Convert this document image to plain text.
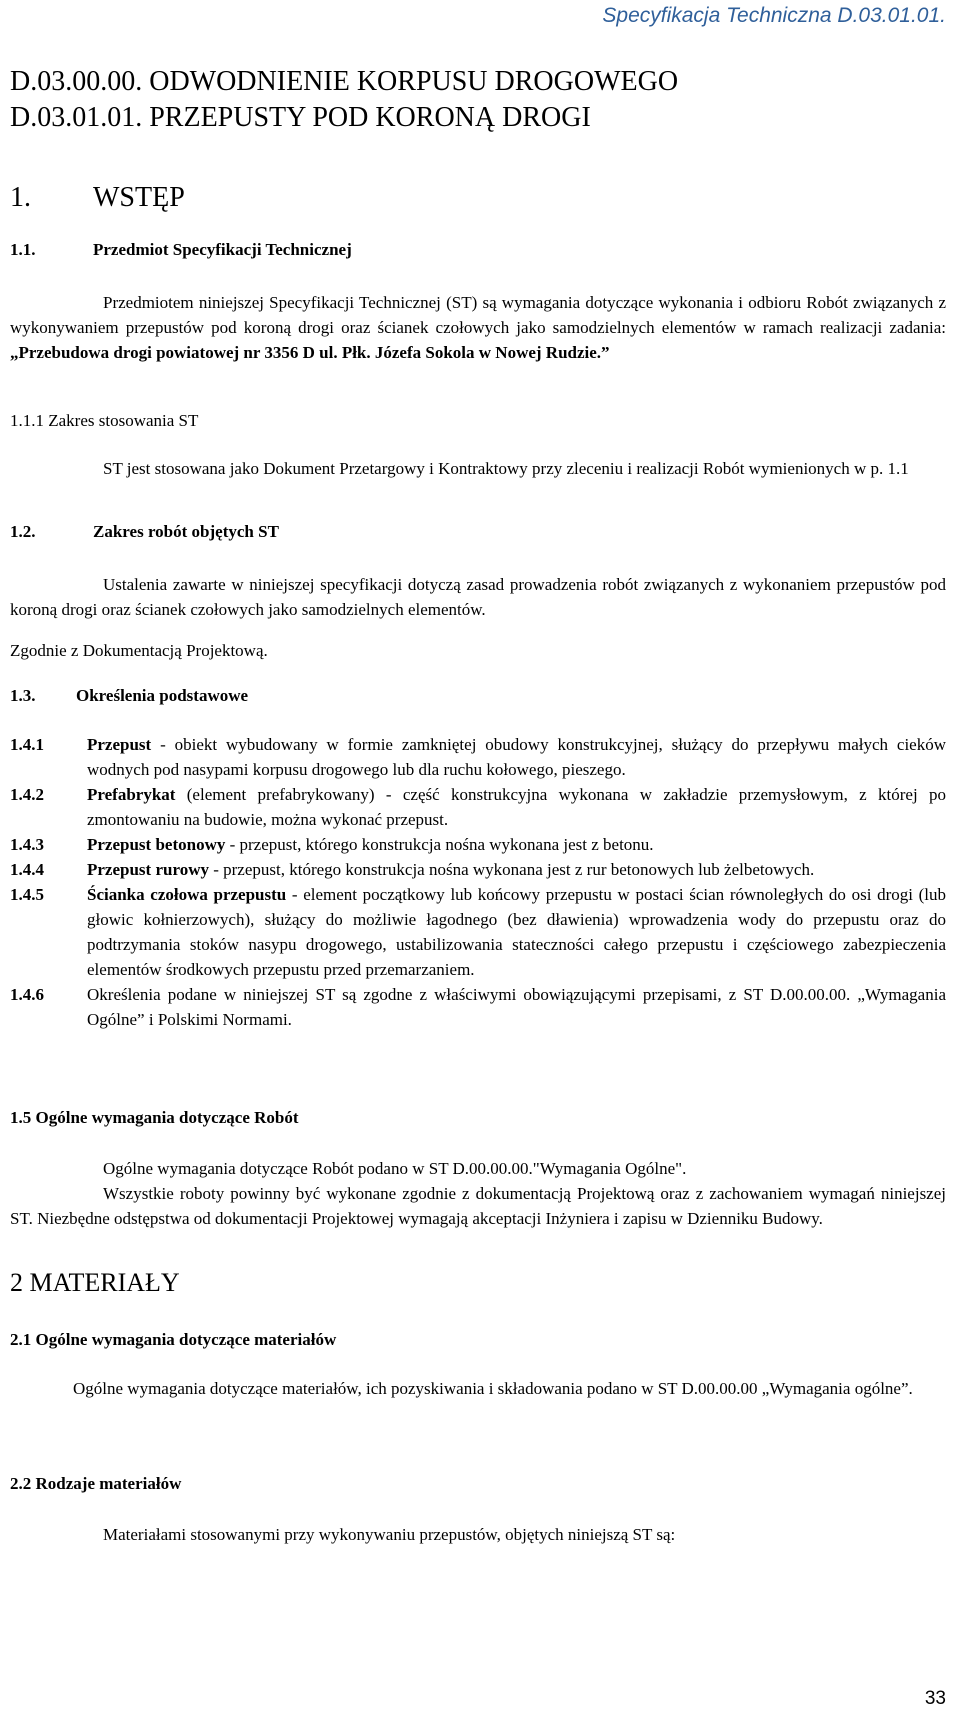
Specyfikacja Techniczna D.03.01.01.
D.03.00.00. ODWODNIENIE KORPUSU DROGOWEGO
D.03.01.01. PRZEPUSTY POD KORONĄ DROGI
1. WSTĘP
1.1.	Przedmiot Specyfikacji Technicznej
Przedmiotem niniejszej Specyfikacji Technicznej (ST) są wymagania dotyczące wykonania i odbioru Robót związanych z wykonywaniem przepustów pod koroną drogi oraz ścianek czołowych jako samodzielnych elementów w ramach realizacji zadania: „Przebudowa drogi powiatowej nr 3356 D ul. Płk. Józefa Sokola w Nowej Rudzie.”
1.1.1 Zakres stosowania ST
ST jest stosowana jako Dokument Przetargowy i Kontraktowy przy zleceniu i realizacji Robót wymienionych w p. 1.1
1.2.	Zakres robót objętych ST
Ustalenia zawarte w niniejszej specyfikacji dotyczą zasad prowadzenia robót związanych z wykonaniem przepustów pod koroną drogi oraz ścianek czołowych jako samodzielnych elementów.
Zgodnie z Dokumentacją Projektową.
1.3. Określenia podstawowe
1.4.1	Przepust - obiekt wybudowany w formie zamkniętej obudowy konstrukcyjnej, służący do przepływu małych cieków wodnych pod nasypami korpusu drogowego lub dla ruchu kołowego, pieszego.
1.4.2	Prefabrykat (element prefabrykowany) - część konstrukcyjna wykonana w zakładzie przemysłowym, z której po zmontowaniu na budowie, można wykonać przepust.
1.4.3	Przepust betonowy - przepust, którego konstrukcja nośna wykonana jest z betonu.
1.4.4	Przepust rurowy - przepust, którego konstrukcja nośna wykonana jest z rur betonowych lub żelbetowych.
1.4.5	Ścianka czołowa przepustu - element początkowy lub końcowy przepustu w postaci ścian równoległych do osi drogi (lub głowic kołnierzowych), służący do możliwie łagodnego (bez dławienia) wprowadzenia wody do przepustu oraz do podtrzymania stoków nasypu drogowego, ustabilizowania stateczności całego przepustu i częściowego zabezpieczenia elementów środkowych przepustu przed przemarzaniem.
1.4.6	Określenia podane w niniejszej ST są zgodne z właściwymi obowiązującymi przepisami, z ST D.00.00.00. „Wymagania Ogólne” i Polskimi Normami.
1.5 Ogólne wymagania dotyczące Robót
Ogólne wymagania dotyczące Robót podano w ST D.00.00.00."Wymagania Ogólne".
Wszystkie roboty powinny być wykonane zgodnie z dokumentacją Projektową oraz z zachowaniem wymagań niniejszej ST. Niezbędne odstępstwa od dokumentacji Projektowej wymagają akceptacji Inżyniera i zapisu w Dzienniku Budowy.
2 MATERIAŁY
2.1 Ogólne wymagania dotyczące materiałów
Ogólne wymagania dotyczące materiałów, ich pozyskiwania i składowania podano w ST D.00.00.00 „Wymagania ogólne”.
2.2 Rodzaje materiałów
Materiałami stosowanymi przy wykonywaniu przepustów, objętych niniejszą ST są:
33
